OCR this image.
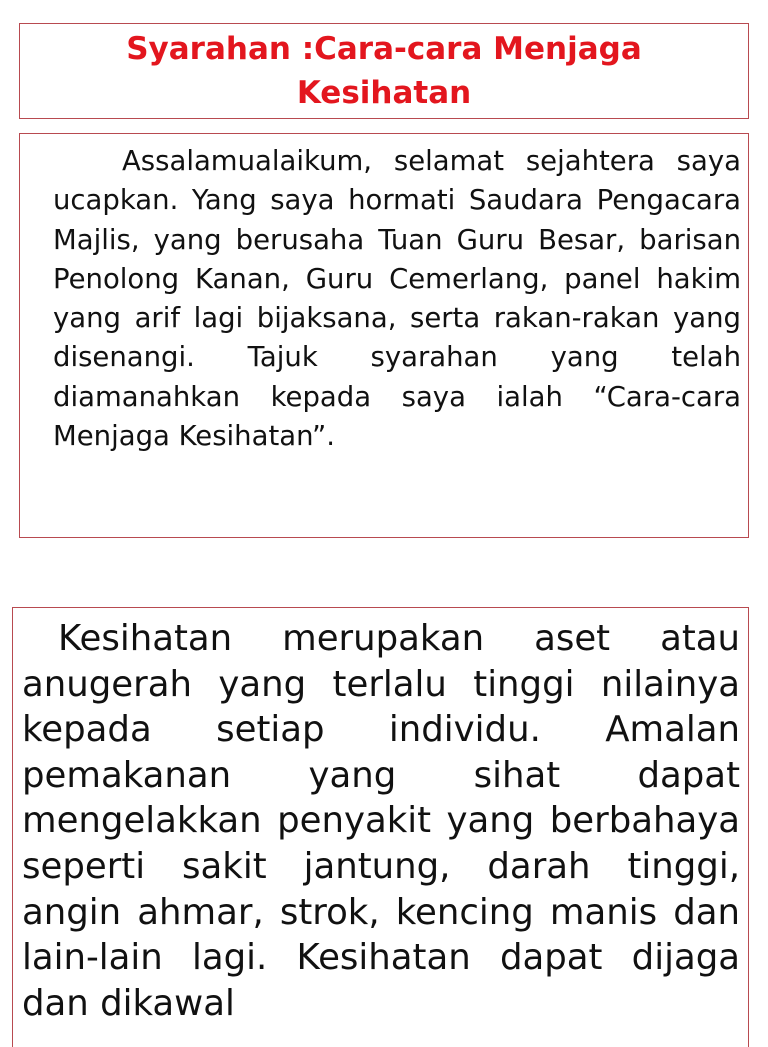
Syarahan :Cara-cara Menjaga Kesihatan

Assalamualaikum, selamat sejahtera saya ucapkan. Yang saya hormati Saudara Pengacara Majlis, yang berusaha Tuan Guru Besar, barisan Penolong Kanan, Guru Cemerlang, panel hakim yang arif lagi bijaksana, serta rakan-rakan yang disenangi. Tajuk syarahan yang telah diamanahkan kepada saya ialah “Cara-cara Menjaga Kesihatan”.

Kesihatan merupakan aset atau anugerah yang terlalu tinggi nilainya kepada setiap individu. Amalan pemakanan yang sihat dapat mengelakkan penyakit yang berbahaya seperti sakit jantung, darah tinggi, angin ahmar, strok, kencing manis dan lain-lain lagi. Kesihatan dapat dijaga dan dikawal
